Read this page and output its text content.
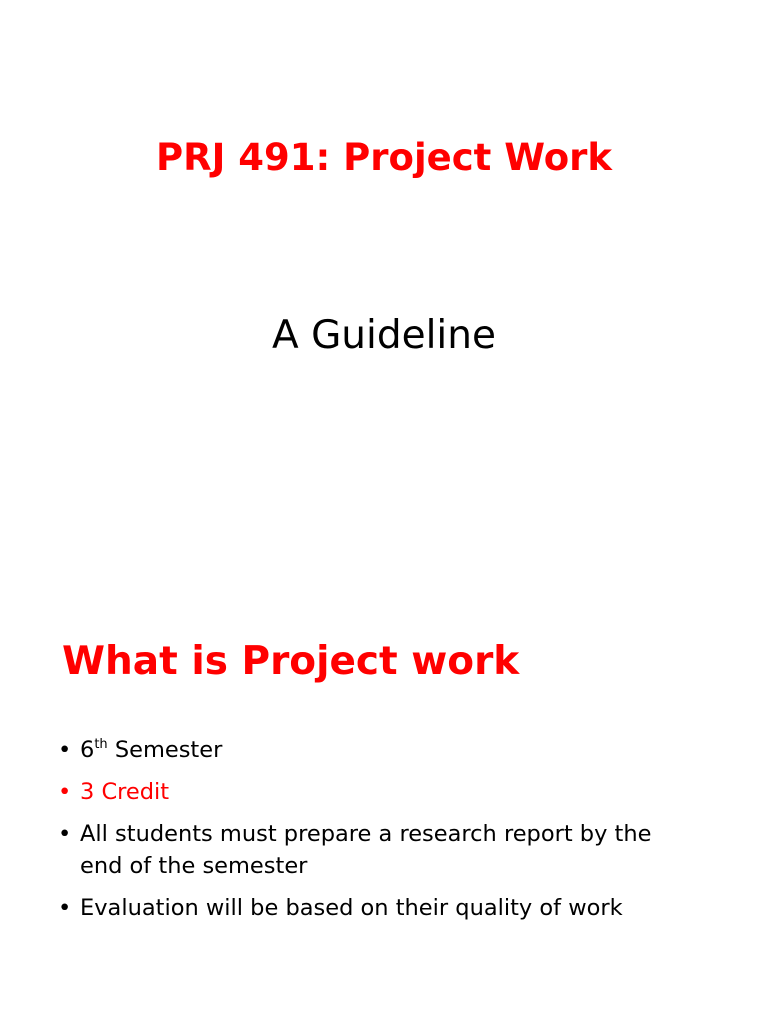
PRJ 491: Project Work

A Guideline

What is Project work
• 6th Semester
• 3 Credit
• All students must prepare a research report by the end of the semester
• Evaluation will be based on their quality of work
